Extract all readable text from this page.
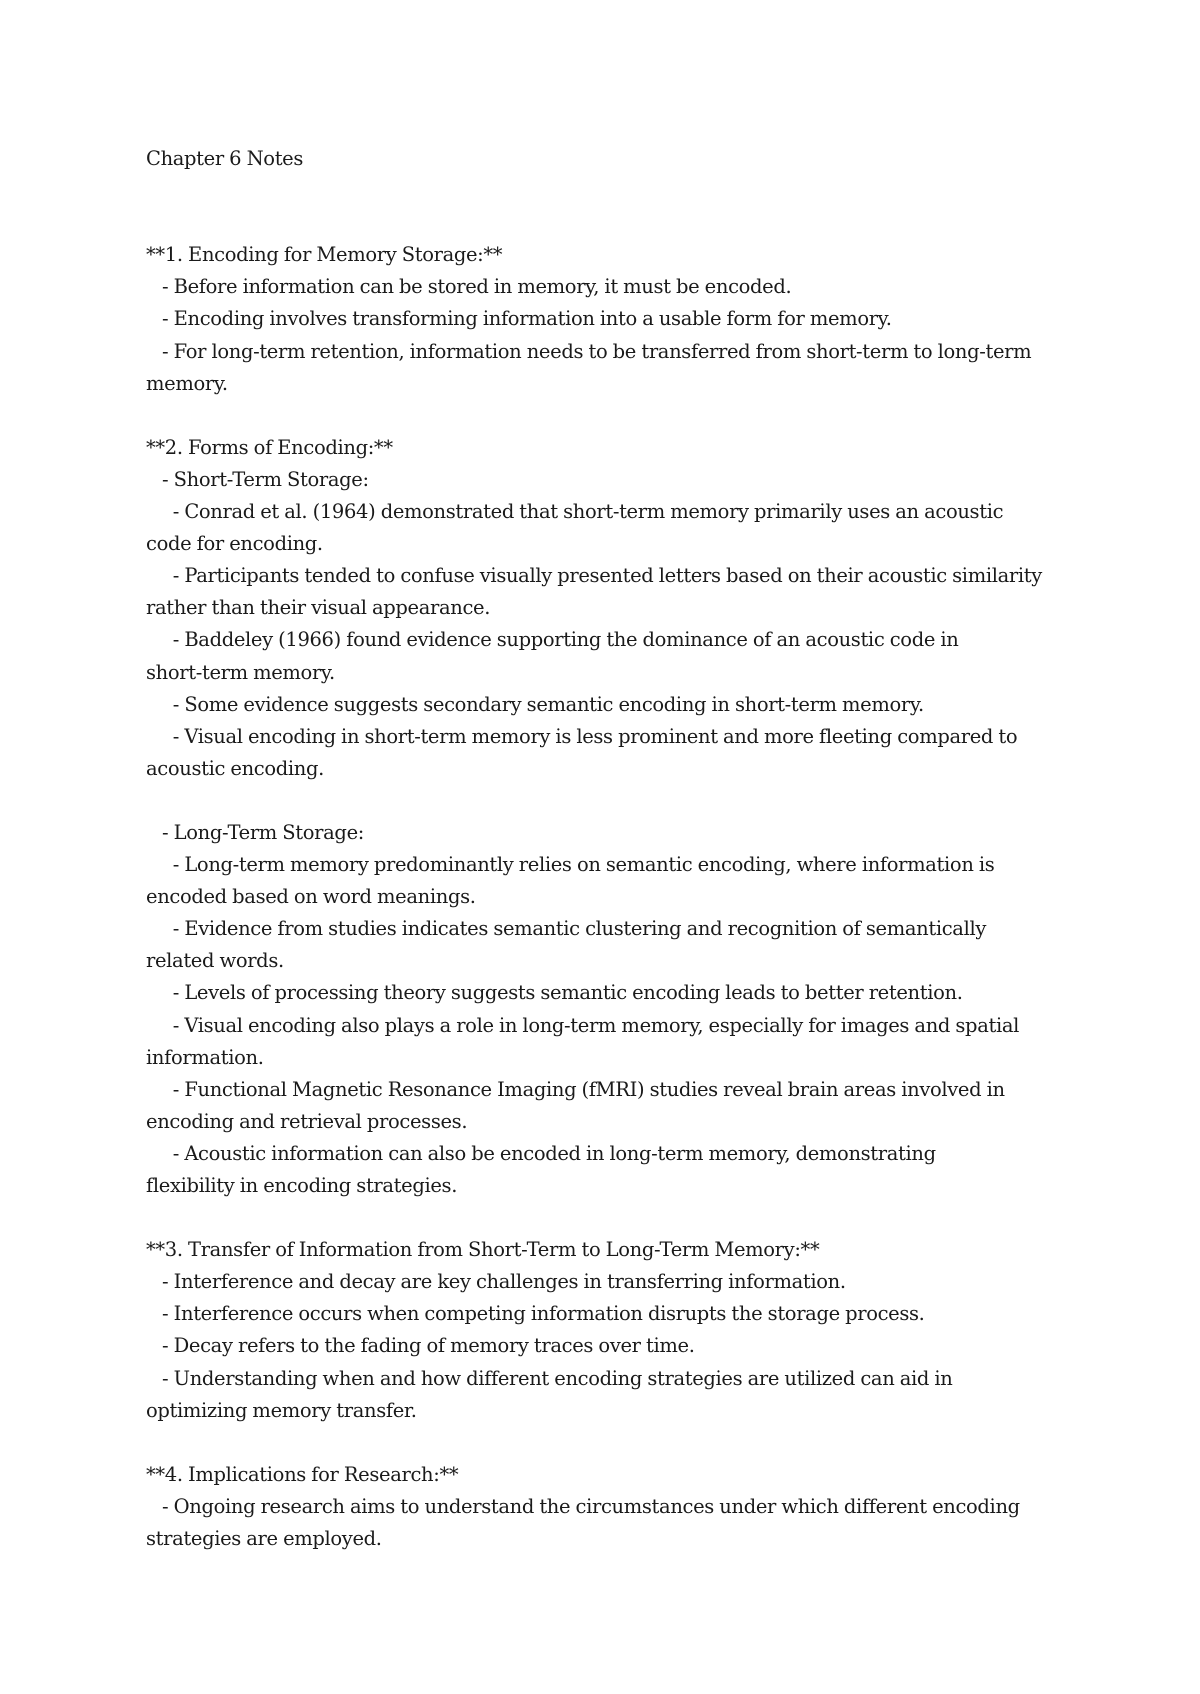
Chapter 6 Notes
**1. Encoding for Memory Storage:**
- Before information can be stored in memory, it must be encoded.
- Encoding involves transforming information into a usable form for memory.
- For long-term retention, information needs to be transferred from short-term to long-term
memory.
**2. Forms of Encoding:**
- Short-Term Storage:
- Conrad et al. (1964) demonstrated that short-term memory primarily uses an acoustic
code for encoding.
- Participants tended to confuse visually presented letters based on their acoustic similarity
rather than their visual appearance.
- Baddeley (1966) found evidence supporting the dominance of an acoustic code in
short-term memory.
- Some evidence suggests secondary semantic encoding in short-term memory.
- Visual encoding in short-term memory is less prominent and more fleeting compared to
acoustic encoding.
- Long-Term Storage:
- Long-term memory predominantly relies on semantic encoding, where information is
encoded based on word meanings.
- Evidence from studies indicates semantic clustering and recognition of semantically
related words.
- Levels of processing theory suggests semantic encoding leads to better retention.
- Visual encoding also plays a role in long-term memory, especially for images and spatial
information.
- Functional Magnetic Resonance Imaging (fMRI) studies reveal brain areas involved in
encoding and retrieval processes.
- Acoustic information can also be encoded in long-term memory, demonstrating
flexibility in encoding strategies.
**3. Transfer of Information from Short-Term to Long-Term Memory:**
- Interference and decay are key challenges in transferring information.
- Interference occurs when competing information disrupts the storage process.
- Decay refers to the fading of memory traces over time.
- Understanding when and how different encoding strategies are utilized can aid in
optimizing memory transfer.
**4. Implications for Research:**
- Ongoing research aims to understand the circumstances under which different encoding
strategies are employed.
